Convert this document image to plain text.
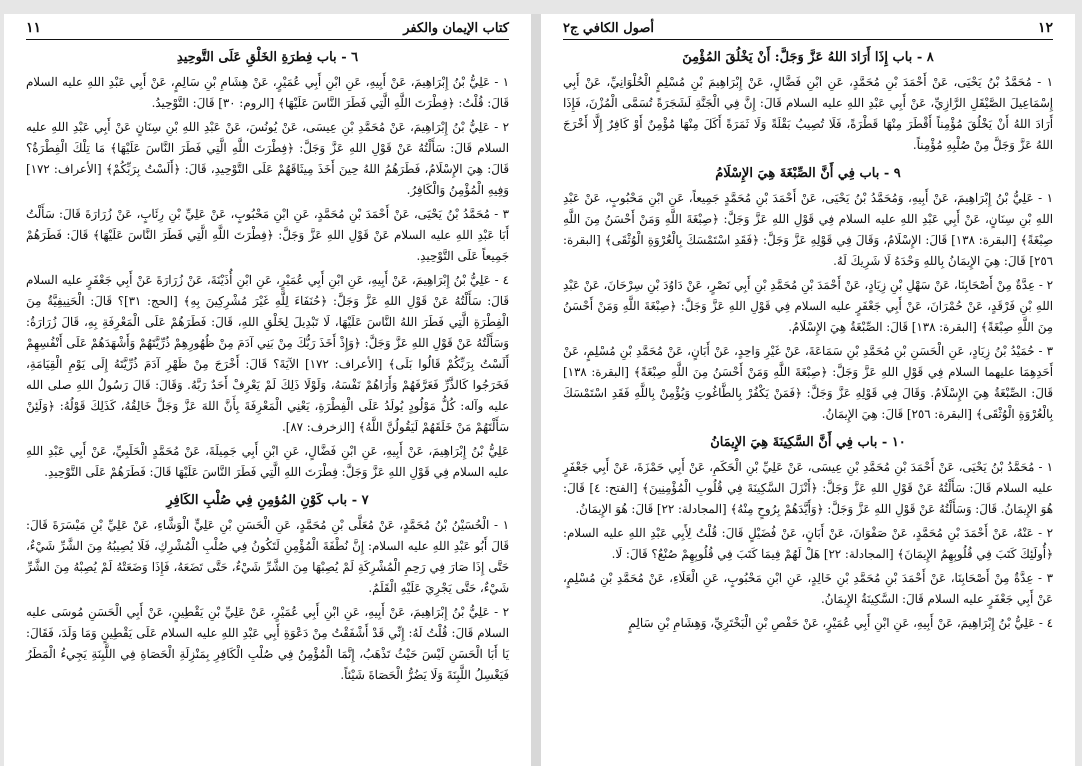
كتاب الإيمان والكفر
١١
٦ - باب فِطرَةِ الخَلْقِ عَلَى التَّوحِيدِ

١ - عَلِيُّ بْنُ إِبْرَاهِيمَ، عَنْ أَبِيهِ، عَنِ ابْنِ أَبِي عُمَيْرٍ، عَنْ هِشَامِ بْنِ سَالِمٍ، عَنْ أَبِي عَبْدِ اللهِ عليه السلام قَالَ: قُلْتُ: ﴿فِطْرَتَ اللَّهِ الَّتِي فَطَرَ النَّاسَ عَلَيْهَا﴾ [الروم: ٣٠] قَالَ: التَّوْحِيدُ.

٢ - عَلِيُّ بْنُ إِبْرَاهِيمَ، عَنْ مُحَمَّدِ بْنِ عِيسَى، عَنْ يُونُسَ، عَنْ عَبْدِ اللهِ بْنِ سِنَانٍ عَنْ أَبِي عَبْدِ اللهِ عليه السلام قَالَ: سَأَلْتُهُ عَنْ قَوْلِ اللهِ عَزَّ وَجَلَّ: ﴿فِطْرَتَ اللَّهِ الَّتِي فَطَرَ النَّاسَ عَلَيْهَا﴾ مَا تِلْكَ الْفِطْرَةُ؟ قَالَ: هِيَ الإِسْلَامُ، فَطَرَهُمُ اللهُ حِينَ أَخَذَ مِيثَاقَهُمْ عَلَى التَّوْحِيدِ، قَالَ: ﴿أَلَسْتُ بِرَبِّكُمْ﴾ [الأعراف: ١٧٢] وَفِيهِ الْمُؤْمِنُ وَالْكَافِرُ.

٣ - مُحَمَّدُ بْنُ يَحْيَى، عَنْ أَحْمَدَ بْنِ مُحَمَّدٍ، عَنِ ابْنِ مَحْبُوبٍ، عَنْ عَلِيِّ بْنِ رِئَابٍ، عَنْ زُرَارَةَ قَالَ: سَأَلْتُ أَبَا عَبْدِ اللهِ عليه السلام عَنْ قَوْلِ اللهِ عَزَّ وَجَلَّ: ﴿فِطْرَتَ اللَّهِ الَّتِي فَطَرَ النَّاسَ عَلَيْهَا﴾ قَالَ: فَطَرَهُمْ جَمِيعاً عَلَى التَّوْحِيدِ.

٤ - عَلِيُّ بْنُ إِبْرَاهِيمَ، عَنْ أَبِيهِ، عَنِ ابْنِ أَبِي عُمَيْرٍ، عَنِ ابْنِ أُذَيْنَةَ، عَنْ زُرَارَةَ عَنْ أَبِي جَعْفَرٍ عليه السلام قَالَ: سَأَلْتُهُ عَنْ قَوْلِ اللهِ عَزَّ وَجَلَّ: ﴿حُنَفَاءَ لِلَّهِ غَيْرَ مُشْرِكِينَ بِهِ﴾ [الحج: ٣١]؟ قَالَ: الْحَنِيفِيَّةُ مِنَ الْفِطْرَةِ الَّتِي فَطَرَ اللهُ النَّاسَ عَلَيْهَا، لَا تَبْدِيلَ لِخَلْقِ اللهِ، قَالَ: فَطَرَهُمْ عَلَى الْمَعْرِفَةِ بِهِ، قَالَ زُرَارَةُ: وَسَأَلْتُهُ عَنْ قَوْلِ اللهِ عَزَّ وَجَلَّ: ﴿وَإِذْ أَخَذَ رَبُّكَ مِنْ بَنِي آدَمَ مِنْ ظُهُورِهِمْ ذُرِّيَّتَهُمْ وَأَشْهَدَهُمْ عَلَى أَنْفُسِهِمْ أَلَسْتُ بِرَبِّكُمْ قَالُوا بَلَى﴾ [الأعراف: ١٧٢] الآيَةَ؟ قَالَ: أَخْرَجَ مِنْ ظَهْرِ آدَمَ ذُرِّيَّتَهُ إِلَى يَوْمِ الْقِيَامَةِ، فَخَرَجُوا كَالذَّرِّ فَعَرَّفَهُمْ وَأَرَاهُمْ نَفْسَهُ، وَلَوْلَا ذَلِكَ لَمْ يَعْرِفْ أَحَدٌ رَبَّهُ. وَقَالَ: قَالَ رَسُولُ اللهِ صلى الله عليه وآله: كُلُّ مَوْلُودٍ يُولَدُ عَلَى الْفِطْرَةِ، يَعْنِي الْمَعْرِفَةَ بِأَنَّ اللهَ عَزَّ وَجَلَّ خَالِقُهُ، كَذَلِكَ قَوْلُهُ: ﴿وَلَئِنْ سَأَلْتَهُمْ مَنْ خَلَقَهُمْ لَيَقُولُنَّ اللَّهُ﴾ [الزخرف: ٨٧].

عَلِيُّ بْنُ إِبْرَاهِيمَ، عَنْ أَبِيهِ، عَنِ ابْنِ فَضَّالٍ، عَنِ ابْنِ أَبِي جَمِيلَةَ، عَنْ مُحَمَّدٍ الْحَلَبِيِّ، عَنْ أَبِي عَبْدِ اللهِ عليه السلام فِي قَوْلِ اللهِ عَزَّ وَجَلَّ: فِطْرَتَ اللهِ الَّتِي فَطَرَ النَّاسَ عَلَيْهَا قَالَ: فَطَرَهُمْ عَلَى التَّوْحِيدِ.

٧ - باب كَوْنِ المُؤمِنِ فِي صُلْبِ الكَافِرِ

١ - الْحُسَيْنُ بْنُ مُحَمَّدٍ، عَنْ مُعَلَّى بْنِ مُحَمَّدٍ، عَنِ الْحَسَنِ بْنِ عَلِيٍّ الْوَشَّاءِ، عَنْ عَلِيِّ بْنِ مَيْسَرَةَ قَالَ: قَالَ أَبُو عَبْدِ اللهِ عليه السلام: إِنَّ نُطْفَةَ الْمُؤْمِنِ لَتَكُونُ فِي صُلْبِ الْمُشْرِكِ، فَلَا يُصِيبُهُ مِنَ الشَّرِّ شَيْءٌ، حَتَّى إِذَا صَارَ فِي رَحِمِ الْمُشْرِكَةِ لَمْ يُصِبْهَا مِنَ الشَّرِّ شَيْءٌ، حَتَّى تَضَعَهُ، فَإِذَا وَضَعَتْهُ لَمْ يُصِبْهُ مِنَ الشَّرِّ شَيْءٌ، حَتَّى يَجْرِيَ عَلَيْهِ الْقَلَمُ.

٢ - عَلِيُّ بْنُ إِبْرَاهِيمَ، عَنْ أَبِيهِ، عَنِ ابْنِ أَبِي عُمَيْرٍ، عَنْ عَلِيِّ بْنِ يَقْطِينٍ، عَنْ أَبِي الْحَسَنِ مُوسَى عليه السلام قَالَ: قُلْتُ لَهُ: إِنِّي قَدْ أَشْفَقْتُ مِنْ دَعْوَةِ أَبِي عَبْدِ اللهِ عليه السلام عَلَى يَقْطِينٍ وَمَا وَلَدَ، فَقَالَ: يَا أَبَا الْحَسَنِ لَيْسَ حَيْثُ تَذْهَبُ، إِنَّمَا الْمُؤْمِنُ فِي صُلْبِ الْكَافِرِ بِمَنْزِلَةِ الْحَصَاةِ فِي اللَّبِنَةِ يَجِيءُ الْمَطَرُ فَيَغْسِلُ اللَّبِنَةَ وَلَا يَضُرُّ الْحَصَاةَ شَيْئاً.

١٢
أصول الكافي ج٢
٨ - باب إِذَا أَرَادَ اللهُ عَزَّ وَجَلَّ: أَنْ يَخْلُقَ المُؤْمِنَ

١ - مُحَمَّدُ بْنُ يَحْيَى، عَنْ أَحْمَدَ بْنِ مُحَمَّدٍ، عَنِ ابْنِ فَضَّالٍ، عَنْ إِبْرَاهِيمَ بْنِ مُسْلِمٍ الْحُلْوَانِيِّ، عَنْ أَبِي إِسْمَاعِيلَ الصَّيْقَلِ الرَّازِيِّ، عَنْ أَبِي عَبْدِ اللهِ عليه السلام قَالَ: إِنَّ فِي الْجَنَّةِ لَشَجَرَةً تُسَمَّى الْمُزْنَ، فَإِذَا أَرَادَ اللهُ أَنْ يَخْلُقَ مُؤْمِناً أَقْطَرَ مِنْهَا قَطْرَةً، فَلَا تُصِيبُ بَقْلَةً وَلَا ثَمَرَةً أَكَلَ مِنْهَا مُؤْمِنٌ أَوْ كَافِرٌ إِلَّا أَخْرَجَ اللهُ عَزَّ وَجَلَّ مِنْ صُلْبِهِ مُؤْمِناً.

٩ - باب فِي أَنَّ الصِّبْغَةَ هِيَ الإِسْلَامُ

١ - عَلِيُّ بْنُ إِبْرَاهِيمَ، عَنْ أَبِيهِ، وَمُحَمَّدُ بْنُ يَحْيَى، عَنْ أَحْمَدَ بْنِ مُحَمَّدٍ جَمِيعاً، عَنِ ابْنِ مَحْبُوبٍ، عَنْ عَبْدِ اللهِ بْنِ سِنَانٍ، عَنْ أَبِي عَبْدِ اللهِ عليه السلام فِي قَوْلِ اللهِ عَزَّ وَجَلَّ: ﴿صِبْغَةَ اللَّهِ وَمَنْ أَحْسَنُ مِنَ اللَّهِ صِبْغَةً﴾ [البقرة: ١٣٨] قَالَ: الإِسْلَامُ، وَقَالَ فِي قَوْلِهِ عَزَّ وَجَلَّ: ﴿فَقَدِ اسْتَمْسَكَ بِالْعُرْوَةِ الْوُثْقَى﴾ [البقرة: ٢٥٦] قَالَ: هِيَ الإِيمَانُ بِاللهِ وَحْدَهُ لَا شَرِيكَ لَهُ.

٢ - عِدَّةٌ مِنْ أَصْحَابِنَا، عَنْ سَهْلِ بْنِ زِيَادٍ، عَنْ أَحْمَدَ بْنِ مُحَمَّدِ بْنِ أَبِي نَصْرٍ، عَنْ دَاوُدَ بْنِ سِرْحَانَ، عَنْ عَبْدِ اللهِ بْنِ فَرْقَدٍ، عَنْ حُمْرَانَ، عَنْ أَبِي جَعْفَرٍ عليه السلام فِي قَوْلِ اللهِ عَزَّ وَجَلَّ: ﴿صِبْغَةَ اللَّهِ وَمَنْ أَحْسَنُ مِنَ اللَّهِ صِبْغَةً﴾ [البقرة: ١٣٨] قَالَ: الصِّبْغَةُ هِيَ الإِسْلَامُ.

٣ - حُمَيْدُ بْنُ زِيَادٍ، عَنِ الْحَسَنِ بْنِ مُحَمَّدِ بْنِ سَمَاعَةَ، عَنْ غَيْرِ وَاحِدٍ، عَنْ أَبَانٍ، عَنْ مُحَمَّدِ بْنِ مُسْلِمٍ، عَنْ أَحَدِهِمَا عليهما السلام فِي قَوْلِ اللهِ عَزَّ وَجَلَّ: ﴿صِبْغَةَ اللَّهِ وَمَنْ أَحْسَنُ مِنَ اللَّهِ صِبْغَةً﴾ [البقرة: ١٣٨] قَالَ: الصِّبْغَةُ هِيَ الإِسْلَامُ. وَقَالَ فِي قَوْلِهِ عَزَّ وَجَلَّ: ﴿فَمَنْ يَكْفُرْ بِالطَّاغُوتِ وَيُؤْمِنْ بِاللَّهِ فَقَدِ اسْتَمْسَكَ بِالْعُرْوَةِ الْوُثْقَى﴾ [البقرة: ٢٥٦] قَالَ: هِيَ الإِيمَانُ.

١٠ - باب فِي أَنَّ السَّكِينَةَ هِيَ الإِيمَانُ

١ - مُحَمَّدُ بْنُ يَحْيَى، عَنْ أَحْمَدَ بْنِ مُحَمَّدِ بْنِ عِيسَى، عَنْ عَلِيِّ بْنِ الْحَكَمِ، عَنْ أَبِي حَمْزَةَ، عَنْ أَبِي جَعْفَرٍ عليه السلام قَالَ: سَأَلْتُهُ عَنْ قَوْلِ اللهِ عَزَّ وَجَلَّ: ﴿أَنْزَلَ السَّكِينَةَ فِي قُلُوبِ الْمُؤْمِنِينَ﴾ [الفتح: ٤] قَالَ: هُوَ الإِيمَانُ. قَالَ: وَسَأَلْتُهُ عَنْ قَوْلِ اللهِ عَزَّ وَجَلَّ: ﴿وَأَيَّدَهُمْ بِرُوحٍ مِنْهُ﴾ [المجادلة: ٢٢] قَالَ: هُوَ الإِيمَانُ.

٢ - عَنْهُ، عَنْ أَحْمَدَ بْنِ مُحَمَّدٍ، عَنْ صَفْوَانَ، عَنْ أَبَانٍ، عَنْ فُضَيْلٍ قَالَ: قُلْتُ لِأَبِي عَبْدِ اللهِ عليه السلام: ﴿أُولَئِكَ كَتَبَ فِي قُلُوبِهِمُ الإِيمَانَ﴾ [المجادلة: ٢٢] هَلْ لَهُمْ فِيمَا كَتَبَ فِي قُلُوبِهِمْ صُنْعٌ؟ قَالَ: لَا.

٣ - عِدَّةٌ مِنْ أَصْحَابِنَا، عَنْ أَحْمَدَ بْنِ مُحَمَّدِ بْنِ خَالِدٍ، عَنِ ابْنِ مَحْبُوبٍ، عَنِ الْعَلَاءِ، عَنْ مُحَمَّدِ بْنِ مُسْلِمٍ، عَنْ أَبِي جَعْفَرٍ عليه السلام قَالَ: السَّكِينَةُ الإِيمَانُ.

٤ - عَلِيُّ بْنُ إِبْرَاهِيمَ، عَنْ أَبِيهِ، عَنِ ابْنِ أَبِي عُمَيْرٍ، عَنْ حَفْصِ بْنِ الْبَخْتَرِيِّ، وَهِشَامِ بْنِ سَالِمٍ
